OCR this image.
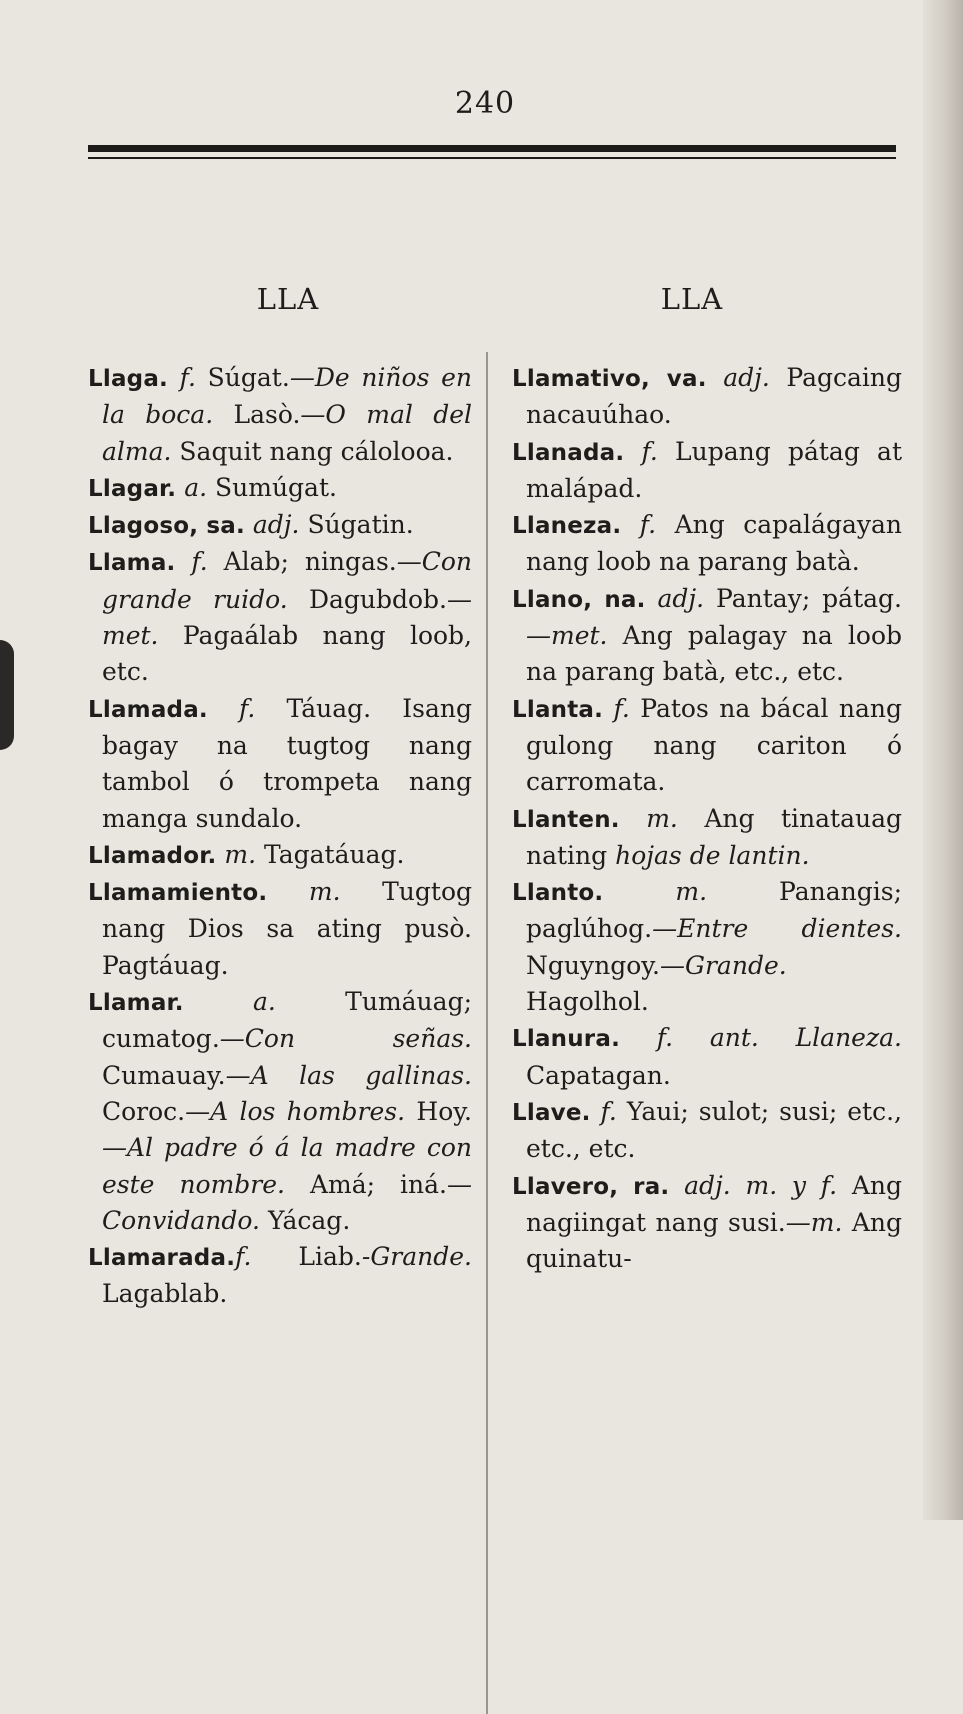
240
LLA	LLA
Llaga. f. Súgat.—De niños en la boca. Lasò.—O mal del alma. Saquit nang cálolooa.
Llagar. a. Sumúgat.
Llagoso, sa. adj. Súgatin.
Llama. f. Alab; ningas.—Con grande ruido. Dagubdob.—met. Pagaálab nang loob, etc.
Llamada. f. Táuag. Isang bagay na tugtog nang tambol ó trompeta nang manga sundalo.
Llamador. m. Tagatáuag.
Llamamiento. m. Tugtog nang Dios sa ating pusò. Pagtáuag.
Llamar.	a.	Tumáuag; cumatog.—Con señas. Cumauay.—A las gallinas. Coroc.—A los hombres. Hoy.—Al padre ó á la madre con este nombre. Amá; iná.—Convidando. Yácag.
Llamarada.f. Liab.-Grande. Lagablab.
Llamativo, va. adj. Pagcaing nacauúhao.
Llanada. f. Lupang pátag at malápad.
Llaneza. f. Ang capalágayan nang loob na parang batà.
Llano, na. adj. Pantay; pátag.—met. Ang palagay na loob na parang batà, etc., etc.
Llanta. f. Patos na bácal nang gulong nang cariton ó carromata.
Llanten. m. Ang tinatauag nating hojas de lantin.
Llanto.	m.	Panangis; paglúhog.—Entre dientes. Nguyngoy.—Grande. Hagolhol.
Llanura. f. ant. Llaneza. Capatagan.
Llave. f. Yaui; sulot; susi; etc., etc., etc.
Llavero, ra. adj. m. y f. Ang nagiingat nang susi.—m. Ang quinatu-
